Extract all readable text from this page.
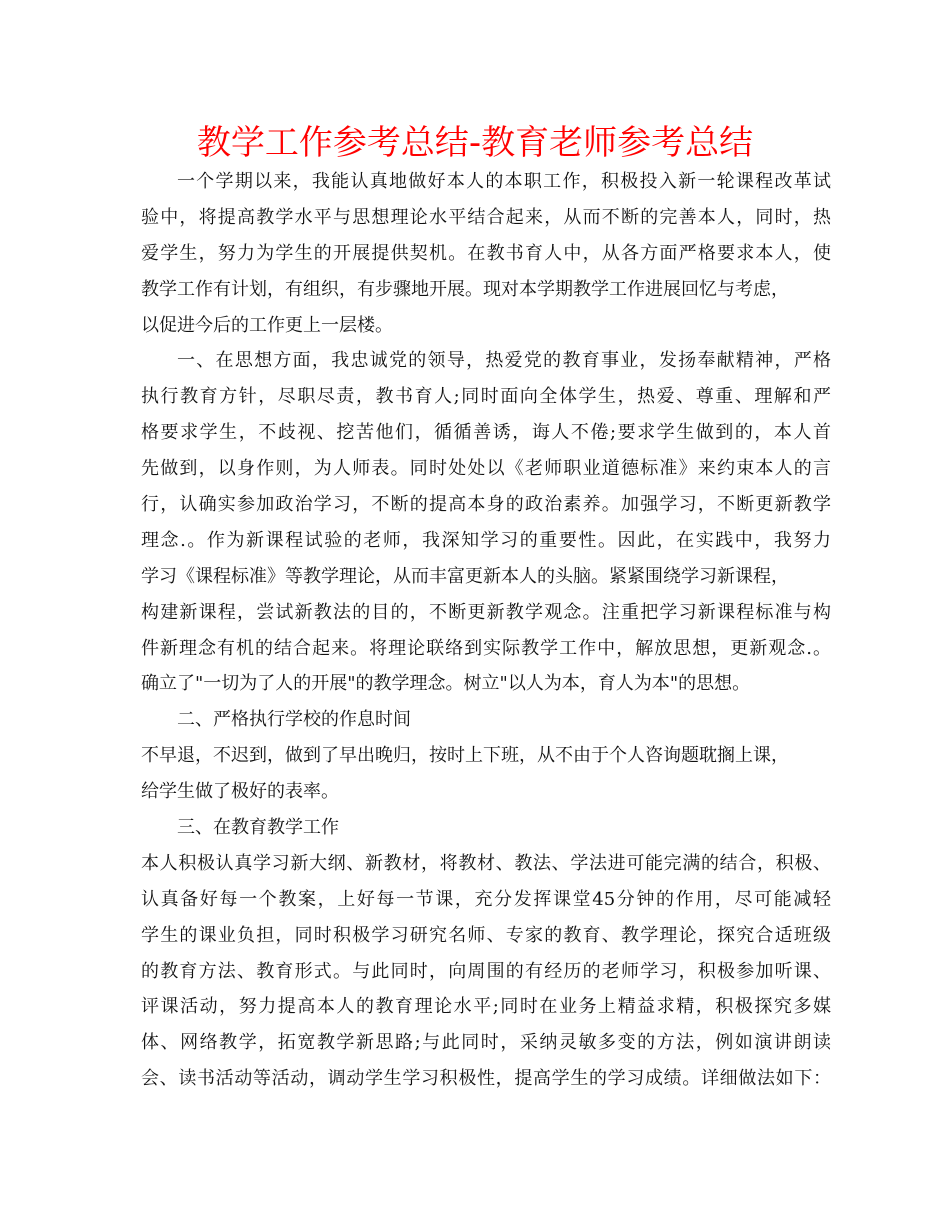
教学工作参考总结-教育老师参考总结
一个学期以来，我能认真地做好本人的本职工作，积极投入新一轮课程改革试
验中，将提高教学水平与思想理论水平结合起来，从而不断的完善本人，同时，热
爱学生，努力为学生的开展提供契机。在教书育人中，从各方面严格要求本人，使
教学工作有计划，有组织，有步骤地开展。现对本学期教学工作进展回忆与考虑，
以促进今后的工作更上一层楼。
一、在思想方面，我忠诚党的领导，热爱党的教育事业，发扬奉献精神，严格
执行教育方针，尽职尽责，教书育人;同时面向全体学生，热爱、尊重、理解和严
格要求学生，不歧视、挖苦他们，循循善诱，诲人不倦;要求学生做到的，本人首
先做到，以身作则，为人师表。同时处处以《老师职业道德标准》来约束本人的言
行，认确实参加政治学习，不断的提高本身的政治素养。加强学习，不断更新教学
理念.。作为新课程试验的老师，我深知学习的重要性。因此，在实践中，我努力
学习《课程标准》等教学理论，从而丰富更新本人的头脑。紧紧围绕学习新课程，
构建新课程，尝试新教法的目的，不断更新教学观念。注重把学习新课程标准与构
件新理念有机的结合起来。将理论联络到实际教学工作中，解放思想，更新观念.。
确立了"一切为了人的开展"的教学理念。树立"以人为本，育人为本"的思想。
二、严格执行学校的作息时间
不早退，不迟到，做到了早出晚归，按时上下班，从不由于个人咨询题耽搁上课，
给学生做了极好的表率。
三、在教育教学工作
本人积极认真学习新大纲、新教材，将教材、教法、学法进可能完满的结合，积极、
认真备好每一个教案，上好每一节课，充分发挥课堂45分钟的作用，尽可能减轻
学生的课业负担，同时积极学习研究名师、专家的教育、教学理论，探究合适班级
的教育方法、教育形式。与此同时，向周围的有经历的老师学习，积极参加听课、
评课活动，努力提高本人的教育理论水平;同时在业务上精益求精，积极探究多媒
体、网络教学，拓宽教学新思路;与此同时，采纳灵敏多变的方法，例如演讲朗读
会、读书活动等活动，调动学生学习积极性，提高学生的学习成绩。详细做法如下：
